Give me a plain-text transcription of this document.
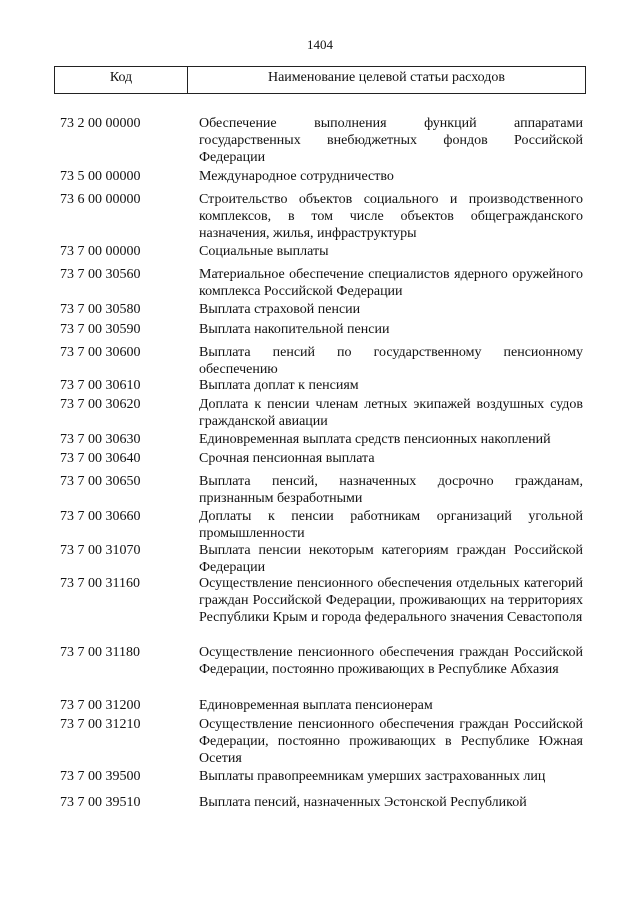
1404
Код	Наименование целевой статьи расходов
73 2 00 00000	Обеспечение выполнения функций аппаратами государственных внебюджетных фондов Российской Федерации
73 5 00 00000	Международное сотрудничество
73 6 00 00000	Строительство объектов социального и производственного комплексов, в том числе объектов общегражданского назначения, жилья, инфраструктуры
73 7 00 00000	Социальные выплаты
73 7 00 30560	Материальное обеспечение специалистов ядерного оружейного комплекса Российской Федерации
73 7 00 30580	Выплата страховой пенсии
73 7 00 30590	Выплата накопительной пенсии
73 7 00 30600	Выплата пенсий по государственному пенсионному обеспечению
73 7 00 30610	Выплата доплат к пенсиям
73 7 00 30620	Доплата к пенсии членам летных экипажей воздушных судов гражданской авиации
73 7 00 30630	Единовременная выплата средств пенсионных накоплений
73 7 00 30640	Срочная пенсионная выплата
73 7 00 30650	Выплата пенсий, назначенных досрочно гражданам, признанным безработными
73 7 00 30660	Доплаты к пенсии работникам организаций угольной промышленности
73 7 00 31070	Выплата пенсии некоторым категориям граждан Российской Федерации
73 7 00 31160	Осуществление пенсионного обеспечения отдельных категорий граждан Российской Федерации, проживающих на территориях Республики Крым и города федерального значения Севастополя
73 7 00 31180	Осуществление пенсионного обеспечения граждан Российской Федерации, постоянно проживающих в Республике Абхазия
73 7 00 31200	Единовременная выплата пенсионерам
73 7 00 31210	Осуществление пенсионного обеспечения граждан Российской Федерации, постоянно проживающих в Республике Южная Осетия
73 7 00 39500	Выплаты правопреемникам умерших застрахованных лиц
73 7 00 39510	Выплата пенсий, назначенных Эстонской Республикой
